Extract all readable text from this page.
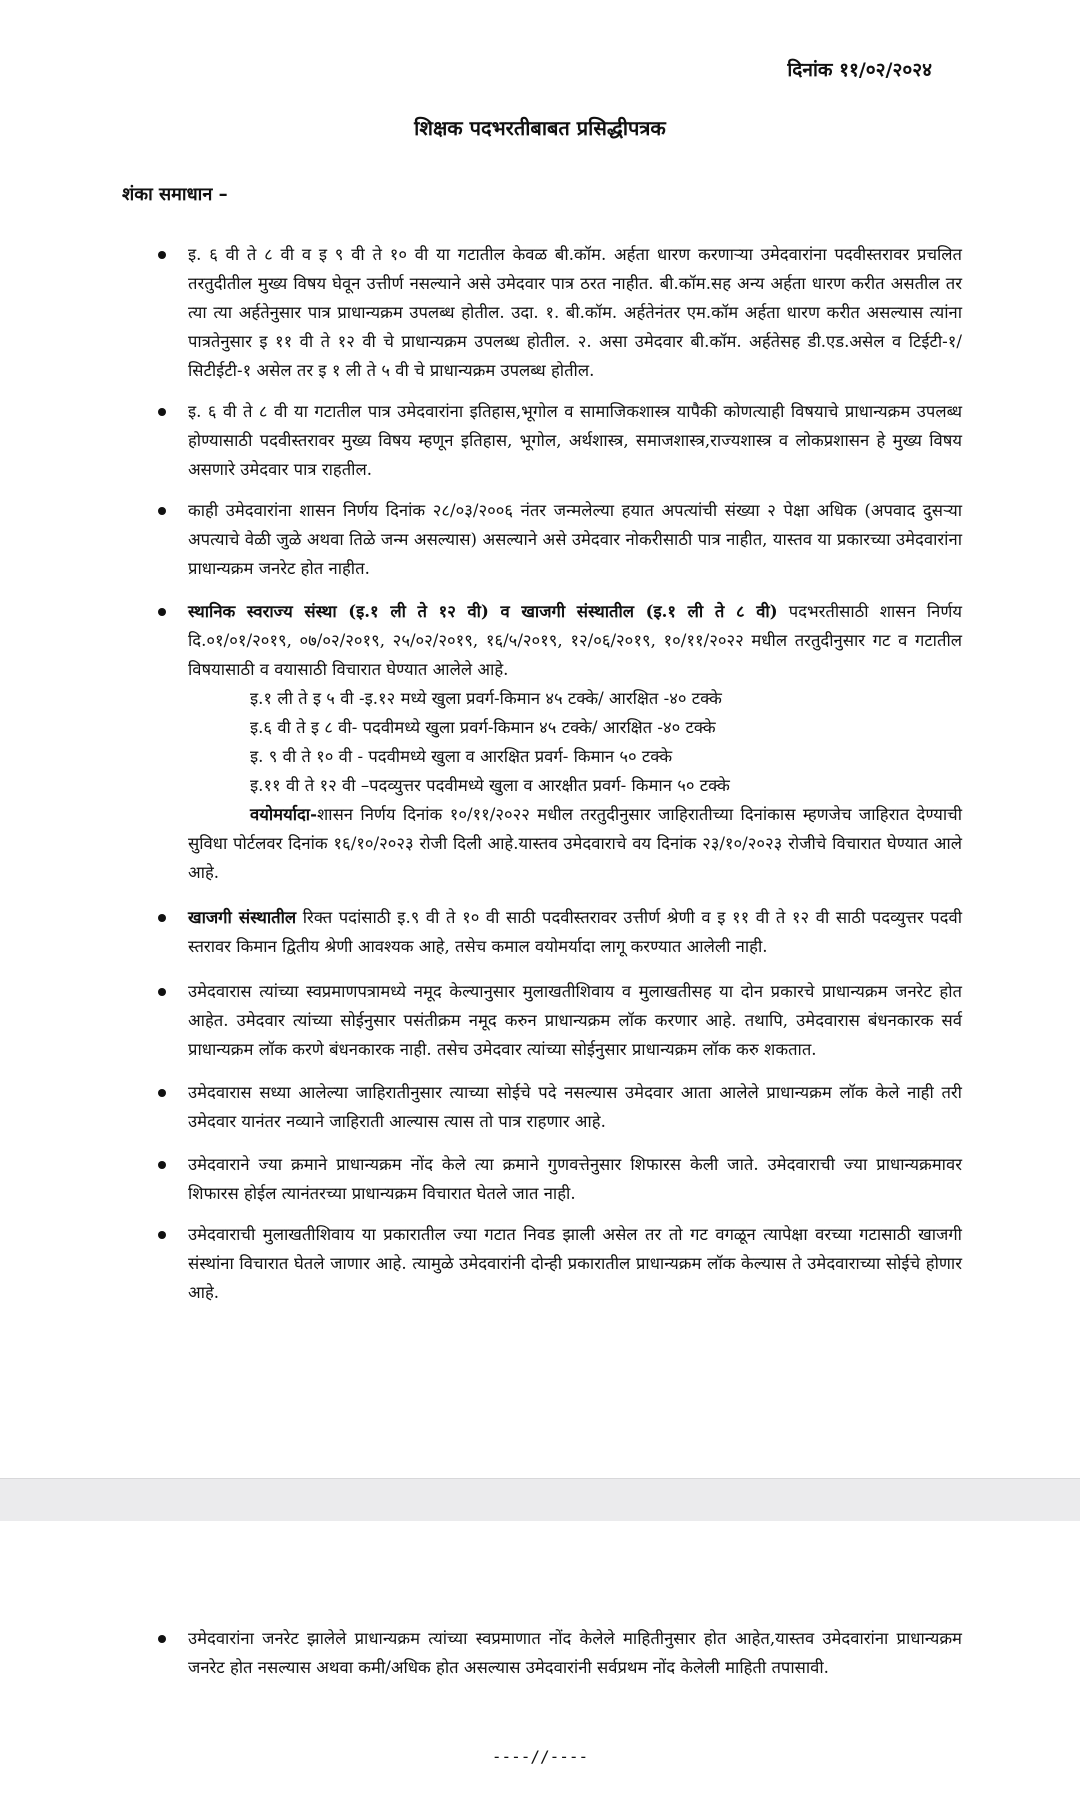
दिनांक ११/०२/२०२४
शिक्षक पदभरतीबाबत प्रसिद्धीपत्रक
शंका समाधान –
इ. ६ वी ते ८ वी व इ ९ वी ते १० वी या गटातील केवळ बी.कॉम. अर्हता धारण करणाऱ्या उमेदवारांना पदवीस्तरावर प्रचलित तरतुदीतील मुख्य विषय घेवून उत्तीर्ण नसल्याने असे उमेदवार पात्र ठरत नाहीत. बी.कॉम.सह अन्य अर्हता धारण करीत असतील तर त्या त्या अर्हतेनुसार पात्र प्राधान्यक्रम उपलब्ध होतील. उदा. १. बी.कॉम. अर्हतेनंतर एम.कॉम अर्हता धारण करीत असल्यास त्यांना पात्रतेनुसार इ ११ वी ते १२ वी चे प्राधान्यक्रम उपलब्ध होतील. २. असा उमेदवार बी.कॉम. अर्हतेसह डी.एड.असेल व टिईटी-१/सिटीईटी-१ असेल तर इ १ ली ते ५ वी चे प्राधान्यक्रम उपलब्ध होतील.
इ. ६ वी ते ८ वी या गटातील पात्र उमेदवारांना इतिहास,भूगोल व सामाजिकशास्त्र यापैकी कोणत्याही विषयाचे प्राधान्यक्रम उपलब्ध होण्यासाठी पदवीस्तरावर मुख्य विषय म्हणून इतिहास, भूगोल, अर्थशास्त्र, समाजशास्त्र,राज्यशास्त्र व लोकप्रशासन हे मुख्य विषय असणारे उमेदवार पात्र राहतील.
काही उमेदवारांना शासन निर्णय दिनांक २८/०३/२००६ नंतर जन्मलेल्या हयात अपत्यांची संख्या २ पेक्षा अधिक (अपवाद दुसऱ्या अपत्याचे वेळी जुळे अथवा तिळे जन्म असल्यास) असल्याने असे उमेदवार नोकरीसाठी पात्र नाहीत, यास्तव या प्रकारच्या उमेदवारांना प्राधान्यक्रम जनरेट होत नाहीत.
स्थानिक स्वराज्य संस्था (इ.१ ली ते १२ वी) व खाजगी संस्थातील (इ.१ ली ते ८ वी) पदभरतीसाठी शासन निर्णय दि.०१/०१/२०१९, ०७/०२/२०१९, २५/०२/२०१९, १६/५/२०१९, १२/०६/२०१९, १०/११/२०२२ मधील तरतुदीनुसार गट व गटातील विषयासाठी व वयासाठी विचारात घेण्यात आलेले आहे.
इ.१ ली ते इ ५ वी -इ.१२ मध्ये खुला प्रवर्ग-किमान ४५ टक्के/ आरक्षित -४० टक्के
इ.६ वी ते इ ८ वी- पदवीमध्ये खुला प्रवर्ग-किमान ४५ टक्के/ आरक्षित -४० टक्के
इ. ९ वी ते १० वी - पदवीमध्ये खुला व आरक्षित प्रवर्ग- किमान ५० टक्के
इ.११ वी ते १२ वी –पदव्युत्तर पदवीमध्ये खुला व आरक्षीत प्रवर्ग- किमान ५० टक्के
वयोमर्यादा-शासन निर्णय दिनांक १०/११/२०२२ मधील तरतुदीनुसार जाहिरातीच्या दिनांकास म्हणजेच जाहिरात देण्याची सुविधा पोर्टलवर दिनांक १६/१०/२०२३ रोजी दिली आहे.यास्तव उमेदवाराचे वय दिनांक २३/१०/२०२३ रोजीचे विचारात घेण्यात आले आहे.
खाजगी संस्थातील रिक्त पदांसाठी इ.९ वी ते १० वी साठी पदवीस्तरावर उत्तीर्ण श्रेणी व इ ११ वी ते १२ वी साठी पदव्युत्तर पदवी स्तरावर किमान द्वितीय श्रेणी आवश्यक आहे, तसेच कमाल वयोमर्यादा लागू करण्यात आलेली नाही.
उमेदवारास त्यांच्या स्वप्रमाणपत्रामध्ये नमूद केल्यानुसार मुलाखतीशिवाय व मुलाखतीसह या दोन प्रकारचे प्राधान्यक्रम जनरेट होत आहेत. उमेदवार त्यांच्या सोईनुसार पसंतीक्रम नमूद करुन प्राधान्यक्रम लॉक करणार आहे. तथापि, उमेदवारास बंधनकारक सर्व प्राधान्यक्रम लॉक करणे बंधनकारक नाही. तसेच उमेदवार त्यांच्या सोईनुसार प्राधान्यक्रम लॉक करु शकतात.
उमेदवारास सध्या आलेल्या जाहिरातीनुसार त्याच्या सोईचे पदे नसल्यास उमेदवार आता आलेले प्राधान्यक्रम लॉक केले नाही तरी उमेदवार यानंतर नव्याने जाहिराती आल्यास त्यास तो पात्र राहणार आहे.
उमेदवाराने ज्या क्रमाने प्राधान्यक्रम नोंद केले त्या क्रमाने गुणवत्तेनुसार शिफारस केली जाते. उमेदवाराची ज्या प्राधान्यक्रमावर शिफारस होईल त्यानंतरच्या प्राधान्यक्रम विचारात घेतले जात नाही.
उमेदवाराची मुलाखतीशिवाय या प्रकारातील ज्या गटात निवड झाली असेल तर तो गट वगळून त्यापेक्षा वरच्या गटासाठी खाजगी संस्थांना विचारात घेतले जाणार आहे. त्यामुळे उमेदवारांनी दोन्ही प्रकारातील प्राधान्यक्रम लॉक केल्यास ते उमेदवाराच्या सोईचे होणार आहे.
उमेदवारांना जनरेट झालेले प्राधान्यक्रम त्यांच्या स्वप्रमाणात नोंद केलेले माहितीनुसार होत आहेत,यास्तव उमेदवारांना प्राधान्यक्रम जनरेट होत नसल्यास अथवा कमी/अधिक होत असल्यास उमेदवारांनी सर्वप्रथम नोंद केलेली माहिती तपासावी.
----//----
